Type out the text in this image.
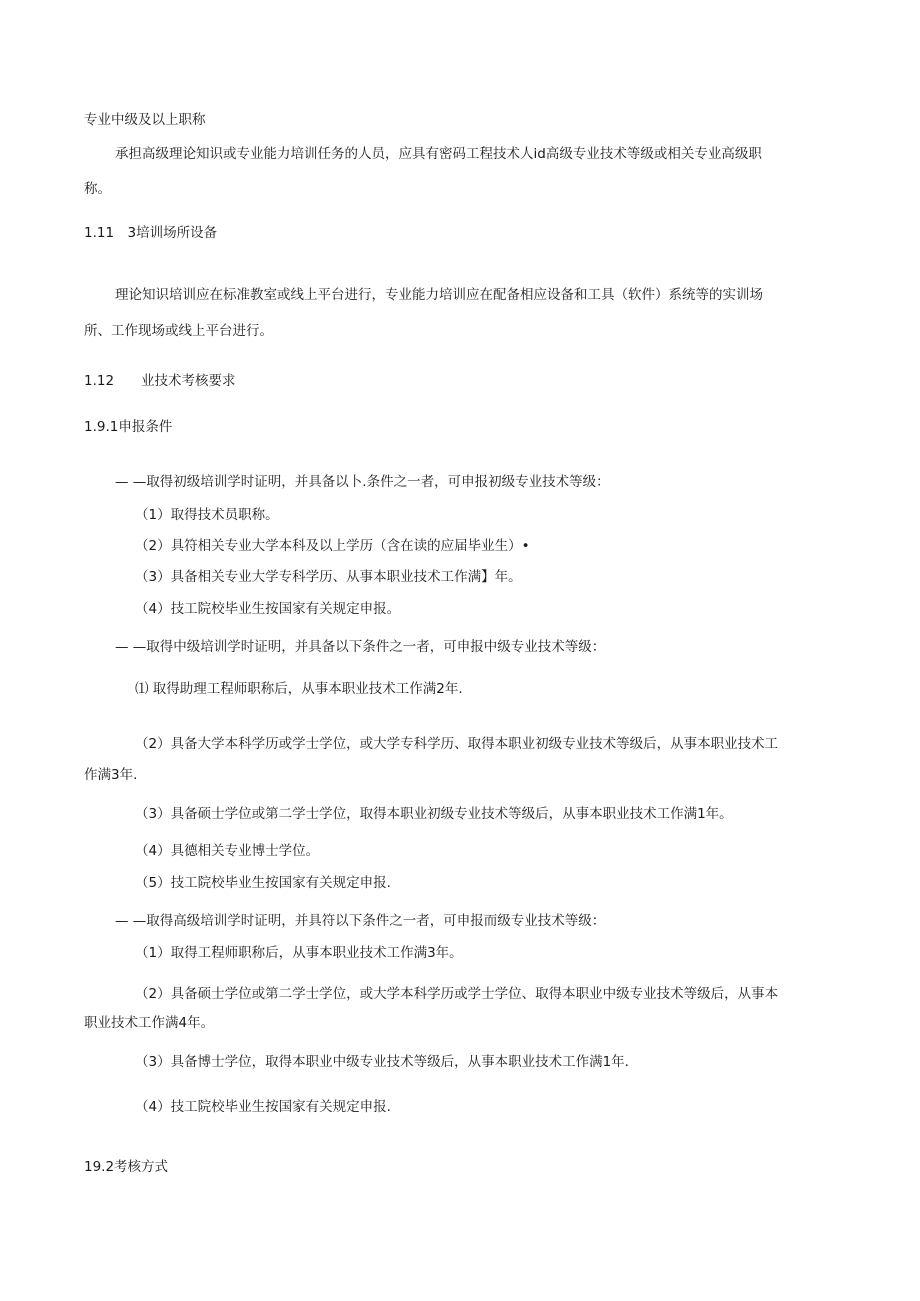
专业中级及以上职称

承担高级理论知识或专业能力培训任务的人员，应具有密码工程技术人id高级专业技术等级或相关专业高级职

称。

1.11　3培训场所设备

理论知识培训应在标准教室或线上平台进行，专业能力培训应在配备相应设备和工具（软件）系统等的实训场

所、工作现场或线上平台进行。

1.12　　业技术考核要求

1.9.1申报条件

— —取得初级培训学时证明，并具备以卜.条件之一者，可申报初级专业技术等级：

（1）取得技术员职称。

（2）具符相关专业大学本科及以上学历（含在读的应届毕业生）•

（3）具备相关专业大学专科学历、从事本职业技术工作满】年。

（4）技工院校毕业生按国家有关规定申报。

— —取得中级培训学时证明，并具备以下条件之一者，可申报中级专业技术等级：

⑴ 取得助理工程师职称后，从事本职业技术工作满2年.

（2）具备大学本科学历或学士学位，或大学专科学历、取得本职业初级专业技术等级后，从事本职业技术工

作满3年.

（3）具备硕士学位或第二学士学位，取得本职业初级专业技术等级后，从事本职业技术工作满1年。

（4）具德相关专业博士学位。

（5）技工院校毕业生按国家有关规定申报.

— —取得高级培训学时证明，并具符以下条件之一者，可申报而级专业技术等级：

（1）取得工程师职称后，从事本职业技术工作满3年。

（2）具备硕士学位或第二学士学位，或大学本科学历或学士学位、取得本职业中级专业技术等级后，从事本

职业技术工作满4年。

（3）具备博士学位，取得本职业中级专业技术等级后，从事本职业技术工作满1年.

（4）技工院校毕业生按国家有关规定申报.

19.2考核方式
